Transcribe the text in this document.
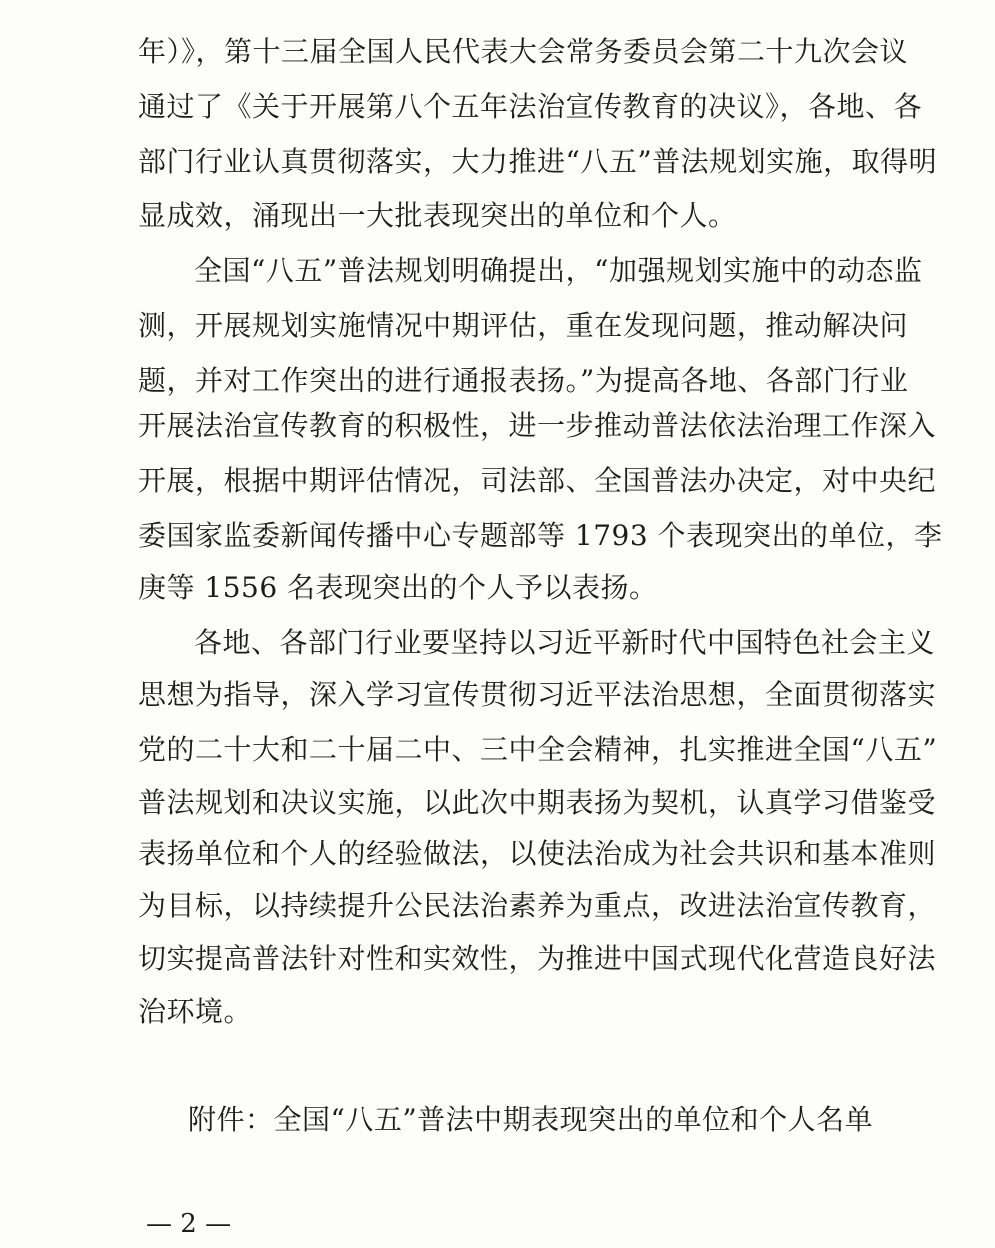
年）》，第十三届全国人民代表大会常务委员会第二十九次会议
通过了《关于开展第八个五年法治宣传教育的决议》，各地、各
部门行业认真贯彻落实，大力推进“八五”普法规划实施，取得明
显成效，涌现出一大批表现突出的单位和个人。
全国“八五”普法规划明确提出，“加强规划实施中的动态监
测，开展规划实施情况中期评估，重在发现问题，推动解决问
题，并对工作突出的进行通报表扬。”为提高各地、各部门行业
开展法治宣传教育的积极性，进一步推动普法依法治理工作深入
开展，根据中期评估情况，司法部、全国普法办决定，对中央纪
委国家监委新闻传播中心专题部等 1793 个表现突出的单位，李
庚等 1556 名表现突出的个人予以表扬。
各地、各部门行业要坚持以习近平新时代中国特色社会主义
思想为指导，深入学习宣传贯彻习近平法治思想，全面贯彻落实
党的二十大和二十届二中、三中全会精神，扎实推进全国“八五”
普法规划和决议实施，以此次中期表扬为契机，认真学习借鉴受
表扬单位和个人的经验做法，以使法治成为社会共识和基本准则
为目标，以持续提升公民法治素养为重点，改进法治宣传教育，
切实提高普法针对性和实效性，为推进中国式现代化营造良好法
治环境。
附件：全国“八五”普法中期表现突出的单位和个人名单
— 2 —
